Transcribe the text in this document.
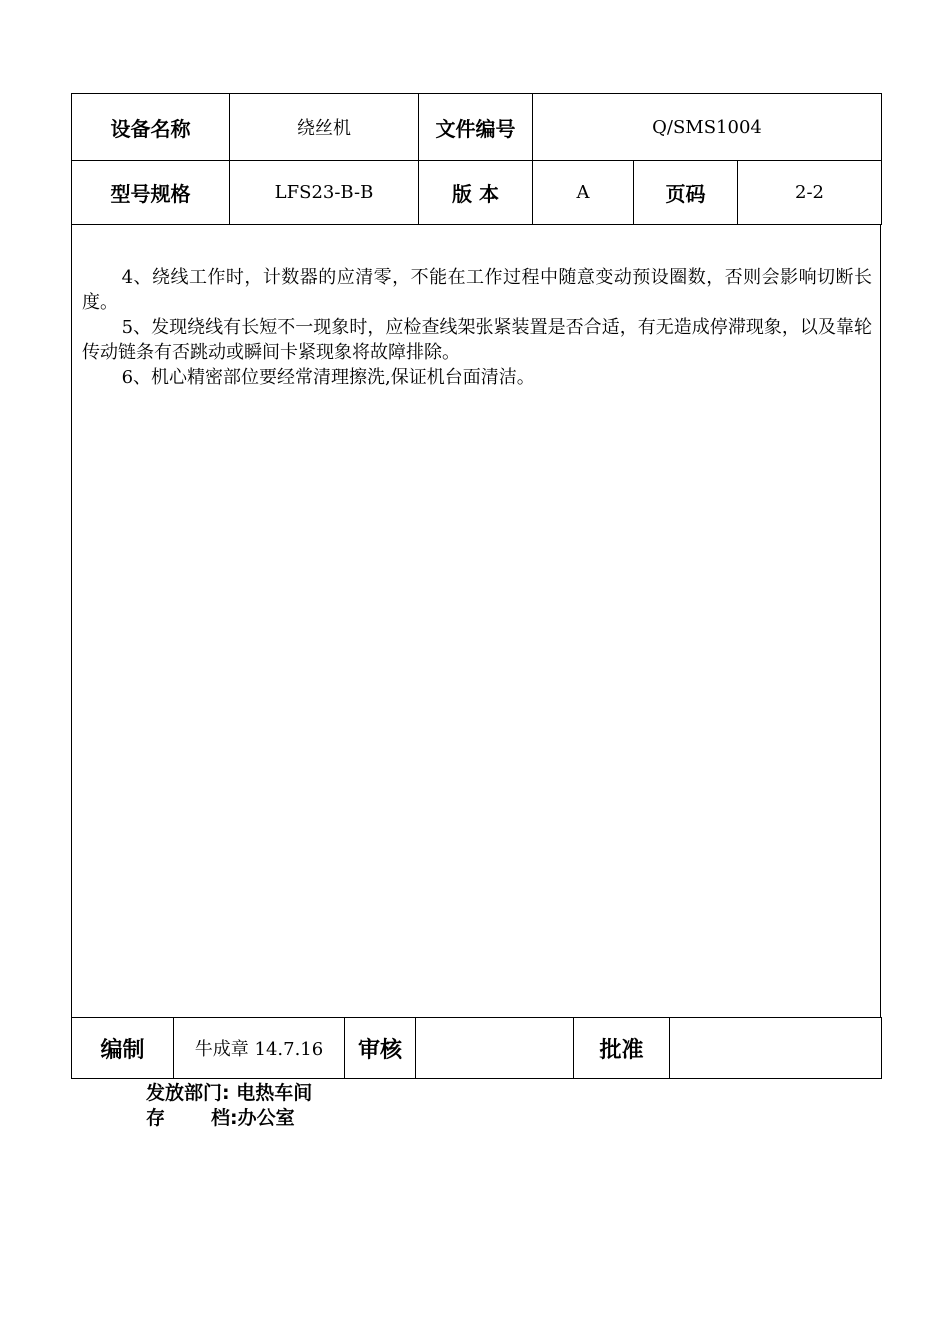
设备名称	绕丝机	文件编号	Q/SMS1004		
型号规格	LFS23-B-B	版 本	A	页码	2-2

4、绕线工作时，计数器的应清零，不能在工作过程中随意变动预设圈数，否则会影响切断长度。

5、发现绕线有长短不一现象时，应检查线架张紧装置是否合适，有无造成停滞现象，以及靠轮传动链条有否跳动或瞬间卡紧现象将故障排除。

6、机心精密部位要经常清理擦洗,保证机台面清洁。

编制	牛成章 14.7.16	审核		批准	
发放部门: 电热车间
存 档:办公室
